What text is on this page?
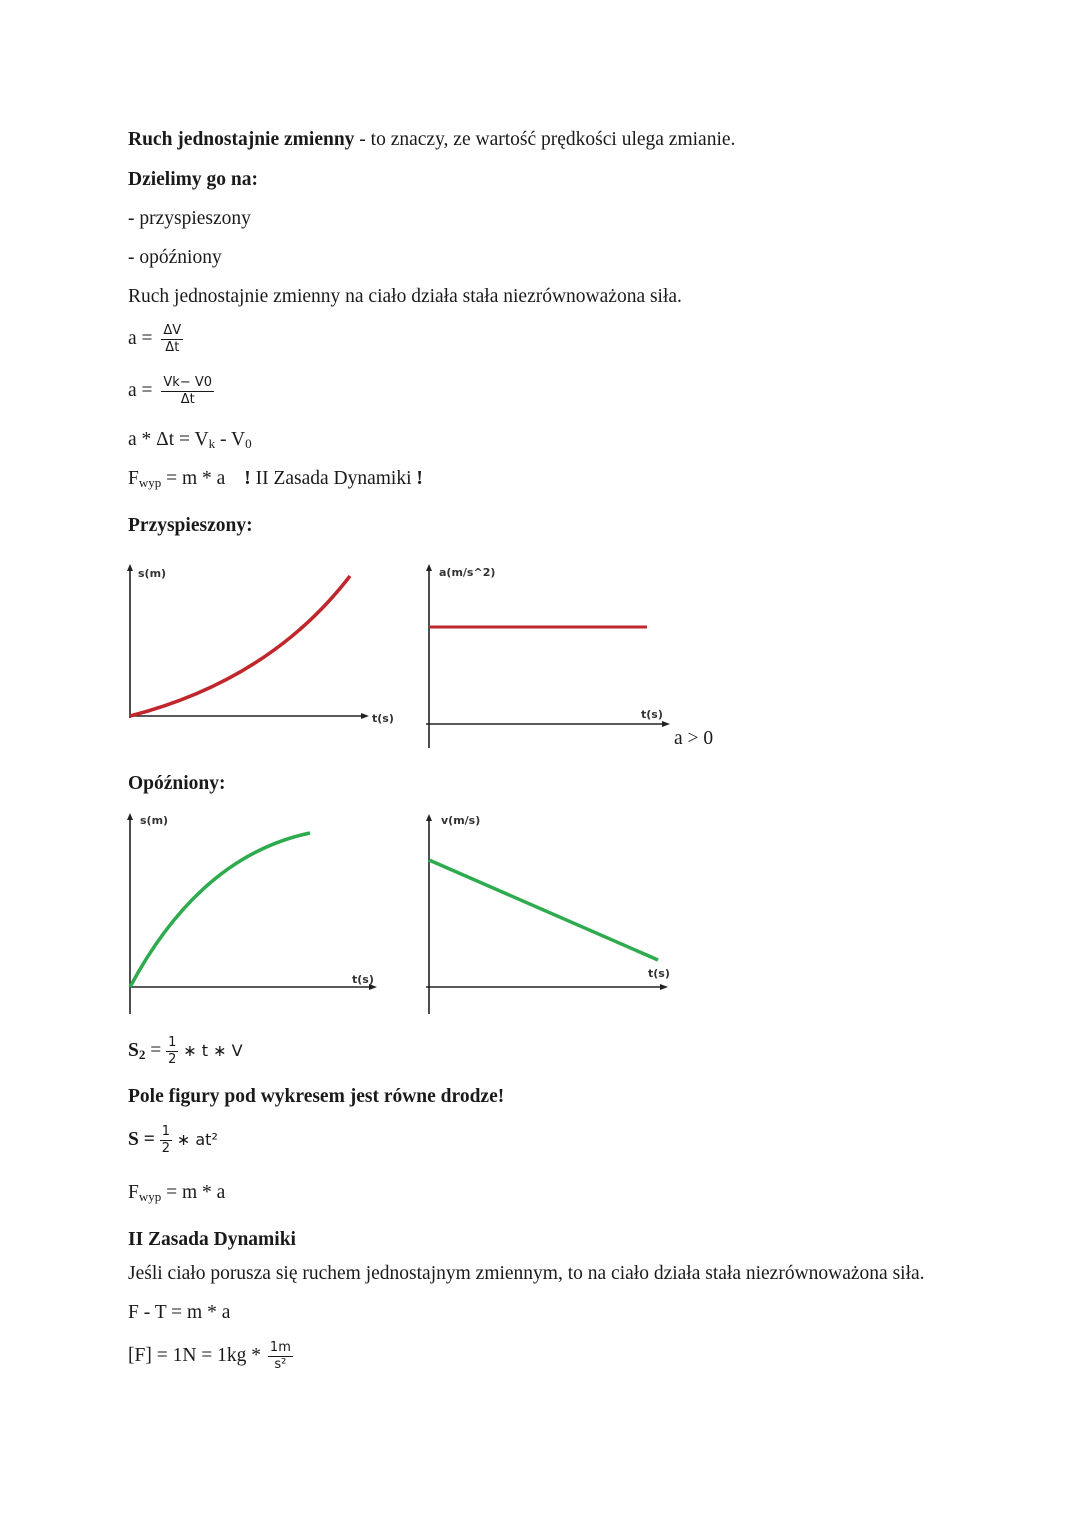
Ruch jednostajnie zmienny - to znaczy, ze wartość prędkości ulega zmianie.
Dzielimy go na:
- przyspieszony
- opóźniony
Ruch jednostajnie zmienny na ciało działa stała niezrównoważona siła.
$a = \frac{\Delta V}{\Delta t}$
$a = \frac{Vk- V0}{\Delta t}$
a * Δt = Vk - V0
Fwyp = m * a ! II Zasada Dynamiki !
Przyspieszony:
s(m)
t(s)
a(m/s^2)
t(s)
a > 0
Opóźniony:
s(m)
t(s)
v(m/s)
t(s)
$S2 = \frac{1}{2}$ ∗ t ∗ V
Pole figury pod wykresem jest równe drodze!
$S = \frac{1}{2}$ ∗ at²
Fwyp = m * a
II Zasada Dynamiki
Jeśli ciało porusza się ruchem jednostajnym zmiennym, to na ciało działa stała niezrównoważona siła.
F - T = m * a
$[F] = 1N = 1kg * \frac{1m}{\text{s²}}$
